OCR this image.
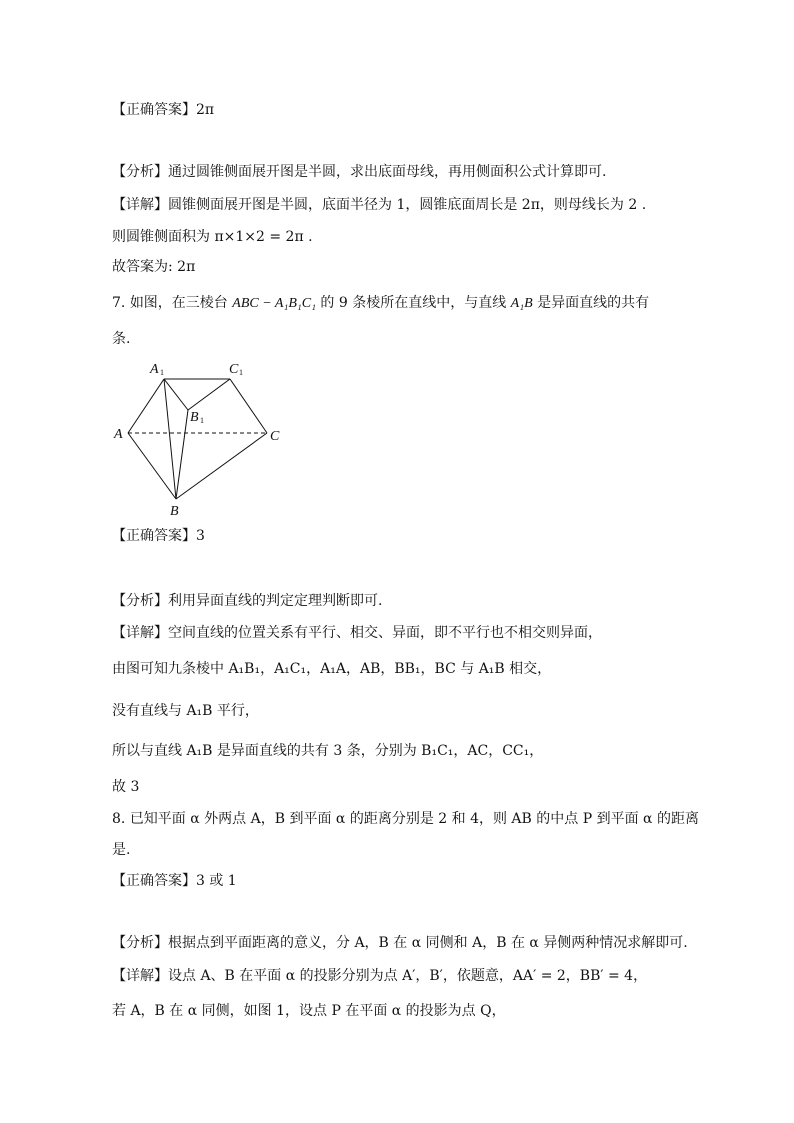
【正确答案】2π
【分析】通过圆锥侧面展开图是半圆，求出底面母线，再用侧面积公式计算即可.
【详解】圆锥侧面展开图是半圆，底面半径为 1，圆锥底面周长是 2π，则母线长为 2 .
则圆锥侧面积为 π×1×2 = 2π .
故答案为: 2π
7. 如图，在三棱台 ABC − A₁B₁C₁ 的 9 条棱所在直线中，与直线 A₁B 是异面直线的共有
条.
A 1	C 1
B 1
A	C
B
【正确答案】3
【分析】利用异面直线的判定定理判断即可.
【详解】空间直线的位置关系有平行、相交、异面，即不平行也不相交则异面，
由图可知九条棱中 A₁B₁，A₁C₁，A₁A，AB，BB₁，BC 与 A₁B 相交，
没有直线与 A₁B 平行，
所以与直线 A₁B 是异面直线的共有 3 条，分别为 B₁C₁，AC，CC₁，
故 3
8. 已知平面 α 外两点 A，B 到平面 α 的距离分别是 2 和 4，则 AB 的中点 P 到平面 α 的距离
是.
【正确答案】3 或 1
【分析】根据点到平面距离的意义，分 A，B 在 α 同侧和 A，B 在 α 异侧两种情况求解即可.
【详解】设点 A、B 在平面 α 的投影分别为点 A′，B′，依题意，AA′ = 2，BB′ = 4，
若 A，B 在 α 同侧，如图 1，设点 P 在平面 α 的投影为点 Q，
